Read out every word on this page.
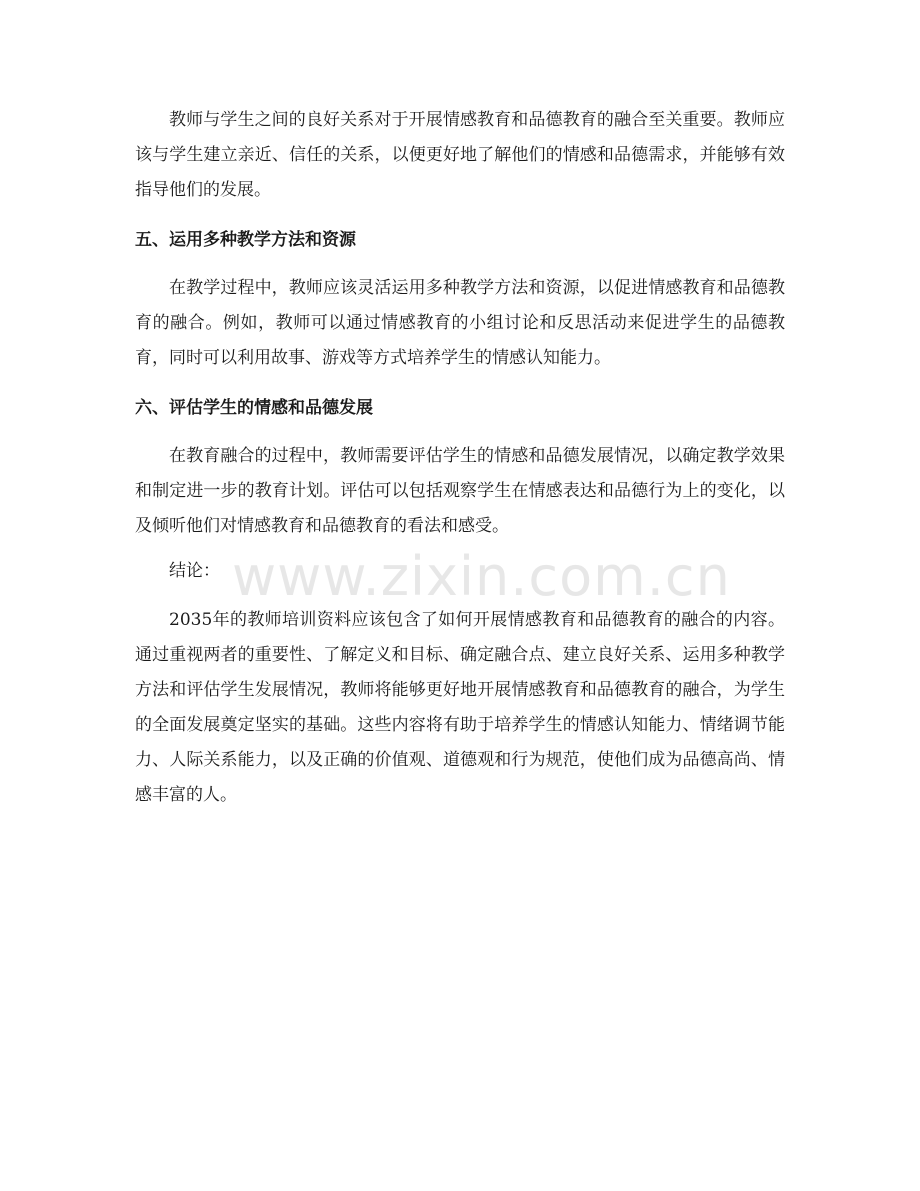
教师与学生之间的良好关系对于开展情感教育和品德教育的融合至关重要。教师应该与学生建立亲近、信任的关系，以便更好地了解他们的情感和品德需求，并能够有效指导他们的发展。

五、运用多种教学方法和资源

在教学过程中，教师应该灵活运用多种教学方法和资源，以促进情感教育和品德教育的融合。例如，教师可以通过情感教育的小组讨论和反思活动来促进学生的品德教育，同时可以利用故事、游戏等方式培养学生的情感认知能力。

六、评估学生的情感和品德发展

在教育融合的过程中，教师需要评估学生的情感和品德发展情况，以确定教学效果和制定进一步的教育计划。评估可以包括观察学生在情感表达和品德行为上的变化，以及倾听他们对情感教育和品德教育的看法和感受。

结论：

2035年的教师培训资料应该包含了如何开展情感教育和品德教育的融合的内容。通过重视两者的重要性、了解定义和目标、确定融合点、建立良好关系、运用多种教学方法和评估学生发展情况，教师将能够更好地开展情感教育和品德教育的融合，为学生的全面发展奠定坚实的基础。这些内容将有助于培养学生的情感认知能力、情绪调节能力、人际关系能力，以及正确的价值观、道德观和行为规范，使他们成为品德高尚、情感丰富的人。

www.zixin.com.cn
